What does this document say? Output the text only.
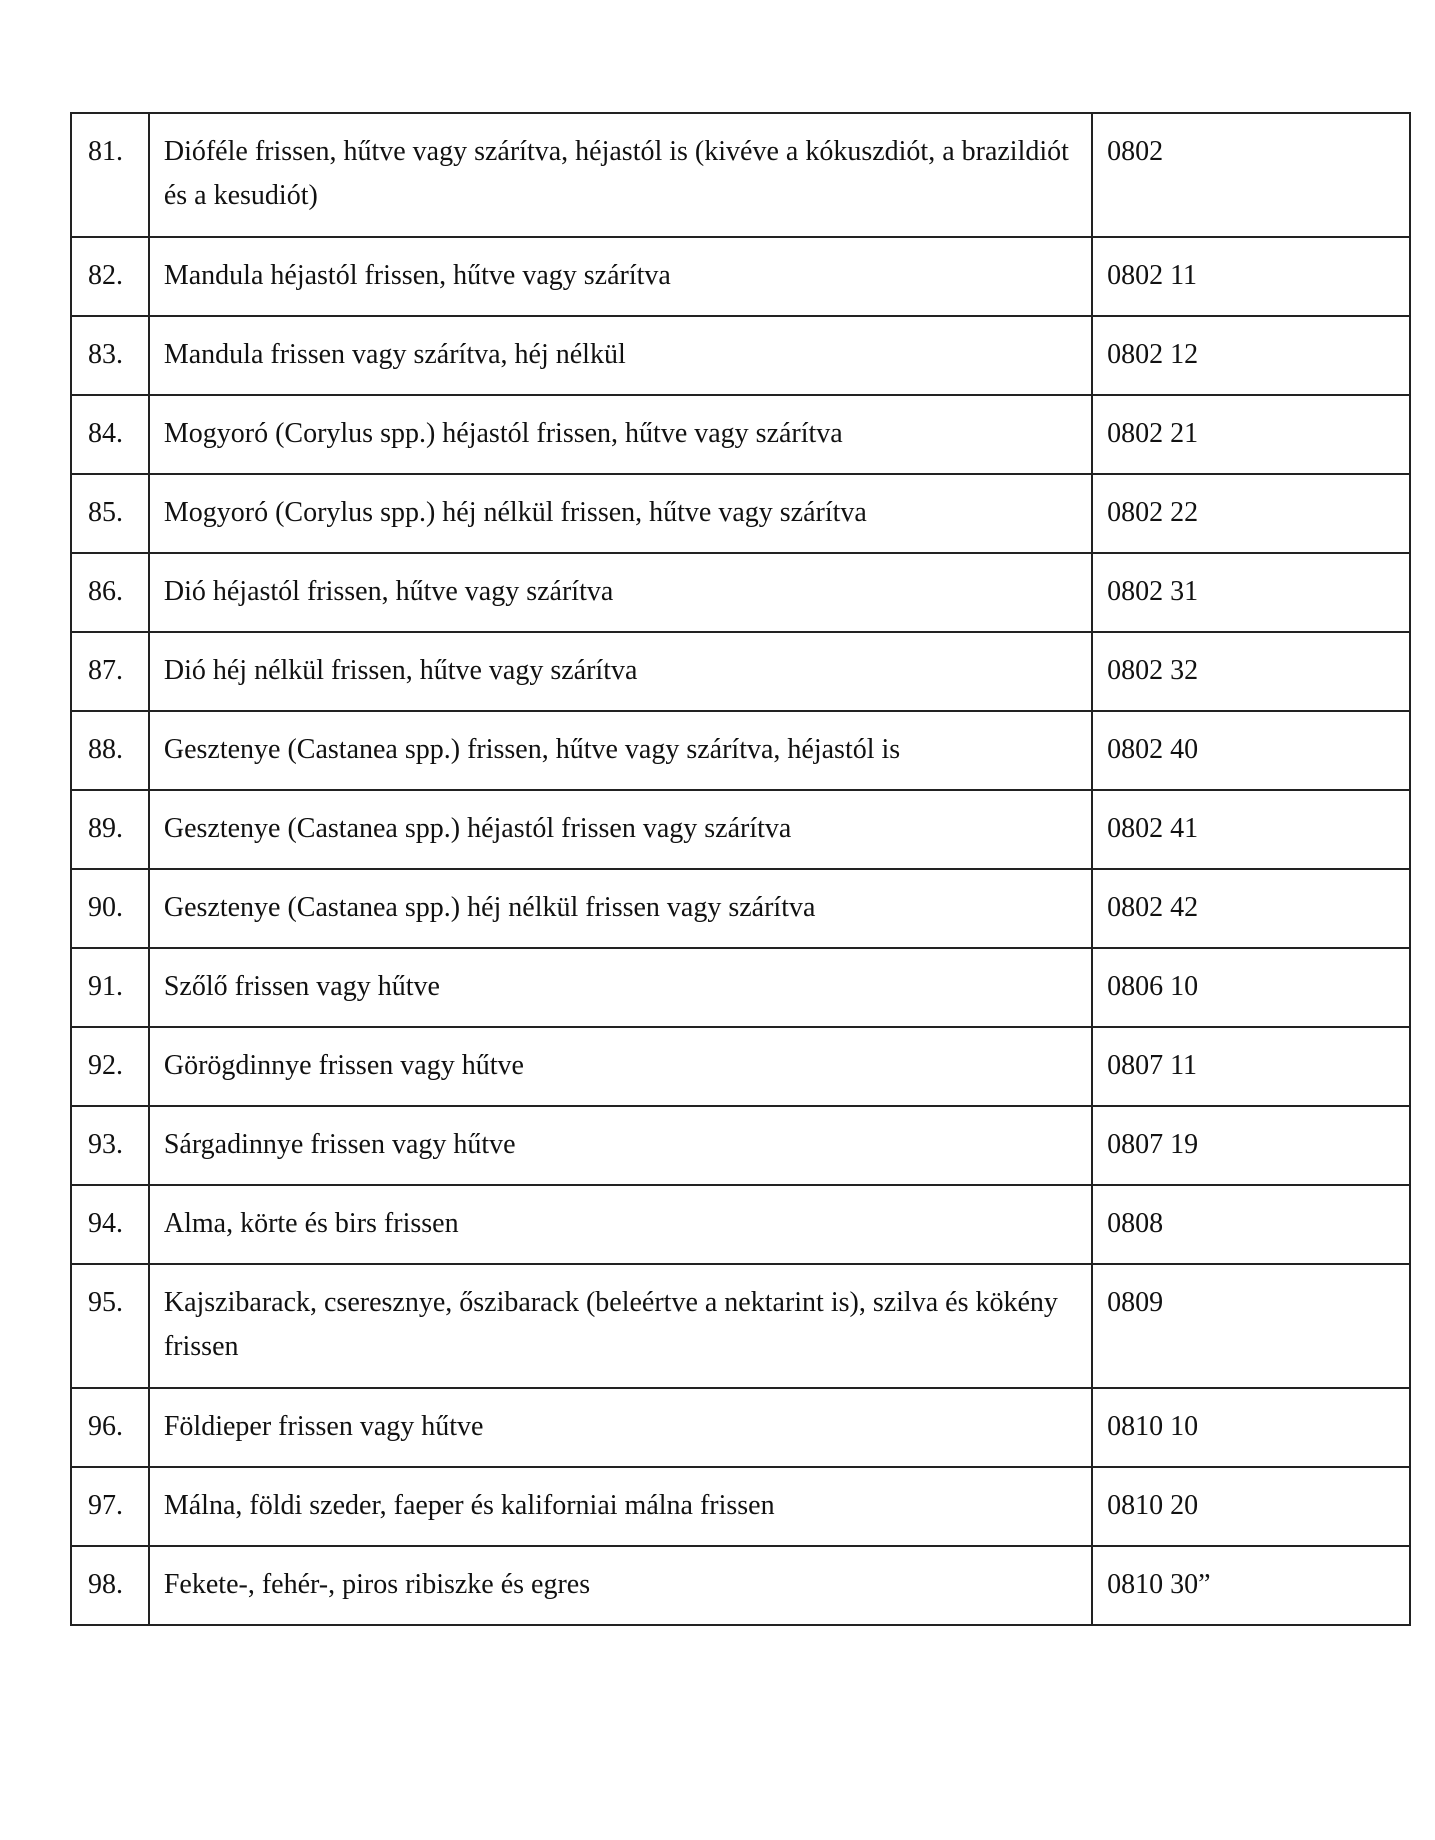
81.	Dióféle frissen, hűtve vagy szárítva, héjastól is (kivéve a kókuszdiót, a brazildiót és a kesudiót)	0802
82.	Mandula héjastól frissen, hűtve vagy szárítva	0802 11
83.	Mandula frissen vagy szárítva, héj nélkül	0802 12
84.	Mogyoró (Corylus spp.) héjastól frissen, hűtve vagy szárítva	0802 21
85.	Mogyoró (Corylus spp.) héj nélkül frissen, hűtve vagy szárítva	0802 22
86.	Dió héjastól frissen, hűtve vagy szárítva	0802 31
87.	Dió héj nélkül frissen, hűtve vagy szárítva	0802 32
88.	Gesztenye (Castanea spp.) frissen, hűtve vagy szárítva, héjastól is	0802 40
89.	Gesztenye (Castanea spp.) héjastól frissen vagy szárítva	0802 41
90.	Gesztenye (Castanea spp.) héj nélkül frissen vagy szárítva	0802 42
91.	Szőlő frissen vagy hűtve	0806 10
92.	Görögdinnye frissen vagy hűtve	0807 11
93.	Sárgadinnye frissen vagy hűtve	0807 19
94.	Alma, körte és birs frissen	0808
95.	Kajszibarack, cseresznye, őszibarack (beleértve a nektarint is), szilva és kökény frissen	0809
96.	Földieper frissen vagy hűtve	0810 10
97.	Málna, földi szeder, faeper és kaliforniai málna frissen	0810 20
98.	Fekete-, fehér-, piros ribiszke és egres	0810 30”
